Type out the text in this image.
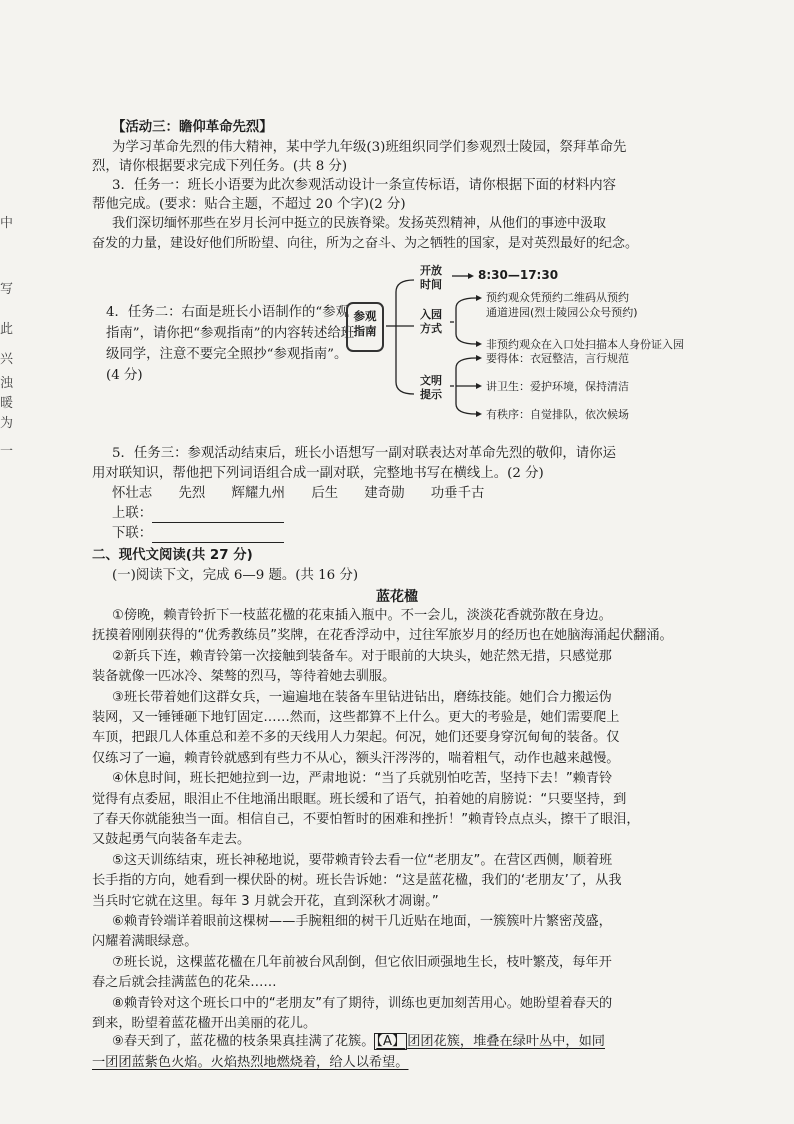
中
写
此
兴
浊
暖
为
一
【活动三：瞻仰革命先烈】
为学习革命先烈的伟大精神，某中学九年级(3)班组织同学们参观烈士陵园，祭拜革命先
烈，请你根据要求完成下列任务。(共 8 分)
3．任务一：班长小语要为此次参观活动设计一条宣传标语，请你根据下面的材料内容
帮他完成。(要求：贴合主题，不超过 20 个字)(2 分)
我们深切缅怀那些在岁月长河中挺立的民族脊梁。发扬英烈精神，从他们的事迹中汲取
奋发的力量，建设好他们所盼望、向往，所为之奋斗、为之牺牲的国家，是对英烈最好的纪念。
4．任务二：右面是班长小语制作的“参观指南”，请你把“参观指南”的内容转述给班级同学，注意不要完全照抄“参观指南”。(4 分)
参观
指南
开放
时间
8:30—17:30
入园
方式
预约观众凭预约二维码从预约
通道进园(烈士陵园公众号预约)
非预约观众在入口处扫描本人身份证入园
文明
提示
要得体：衣冠整洁，言行规范
讲卫生：爱护环境，保持清洁
有秩序：自觉排队，依次候场
5．任务三：参观活动结束后，班长小语想写一副对联表达对革命先烈的敬仰，请你运
用对联知识，帮他把下列词语组合成一副对联，完整地书写在横线上。(2 分)
怀壮志 先烈 辉耀九州 后生 建奇勋 功垂千古
上联：
下联：
二、现代文阅读(共 27 分)
(一)阅读下文，完成 6—9 题。(共 16 分)
蓝花楹
①傍晚，赖青铃折下一枝蓝花楹的花束插入瓶中。不一会儿，淡淡花香就弥散在身边。
抚摸着刚刚获得的“优秀教练员”奖牌，在花香浮动中，过往军旅岁月的经历也在她脑海涌起伏翻涌。
②新兵下连，赖青铃第一次接触到装备车。对于眼前的大块头，她茫然无措，只感觉那
装备就像一匹冰冷、桀骜的烈马，等待着她去驯服。
③班长带着她们这群女兵，一遍遍地在装备车里钻进钻出，磨练技能。她们合力搬运伪
装网，又一锤锤砸下地钉固定……然而，这些都算不上什么。更大的考验是，她们需要爬上
车顶，把跟几人体重总和差不多的天线用人力架起。何况，她们还要身穿沉甸甸的装备。仅
仅练习了一遍，赖青铃就感到有些力不从心，额头汗涔涔的，喘着粗气，动作也越来越慢。
④休息时间，班长把她拉到一边，严肃地说：“当了兵就别怕吃苦，坚持下去！”赖青铃
觉得有点委屈，眼泪止不住地涌出眼眶。班长缓和了语气，拍着她的肩膀说：“只要坚持，到
了春天你就能独当一面。相信自己，不要怕暂时的困难和挫折！”赖青铃点点头，擦干了眼泪，
又鼓起勇气向装备车走去。
⑤这天训练结束，班长神秘地说，要带赖青铃去看一位“老朋友”。在营区西侧，顺着班
长手指的方向，她看到一棵伏卧的树。班长告诉她：“这是蓝花楹，我们的‘老朋友’了，从我
当兵时它就在这里。每年 3 月就会开花，直到深秋才凋谢。”
⑥赖青铃端详着眼前这棵树——手腕粗细的树干几近贴在地面，一簇簇叶片繁密茂盛，
闪耀着满眼绿意。
⑦班长说，这棵蓝花楹在几年前被台风刮倒，但它依旧顽强地生长，枝叶繁茂，每年开
春之后就会挂满蓝色的花朵……
⑧赖青铃对这个班长口中的“老朋友”有了期待，训练也更加刻苦用心。她盼望着春天的
到来，盼望着蓝花楹开出美丽的花儿。
⑨春天到了，蓝花楹的枝条果真挂满了花簇。 【A】 团团花簇，堆叠在绿叶丛中，如同
一团团蓝紫色火焰。火焰热烈地燃烧着，给人以希望。
